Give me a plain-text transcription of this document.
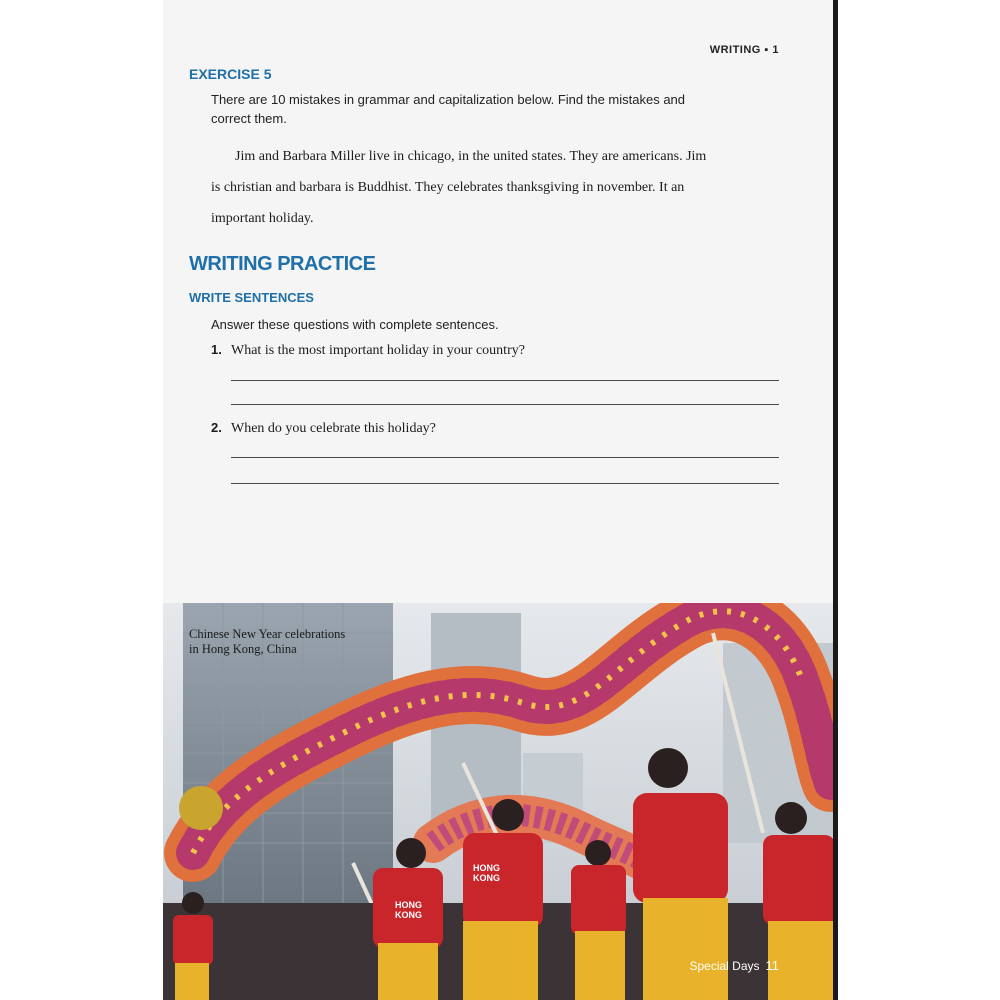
WRITING ▪ 1
EXERCISE 5
There are 10 mistakes in grammar and capitalization below. Find the mistakes and
correct them.
Jim and Barbara Miller live in chicago, in the united states. They are americans. Jim
is christian and barbara is Buddhist. They celebrates thanksgiving in november. It an
important holiday.
WRITING PRACTICE
WRITE SENTENCES
Answer these questions with complete sentences.
1. What is the most important holiday in your country?
2. When do you celebrate this holiday?
HONG
KONG
HONG
KONG
Chinese New Year celebrations
in Hong Kong, China
Special Days 11
